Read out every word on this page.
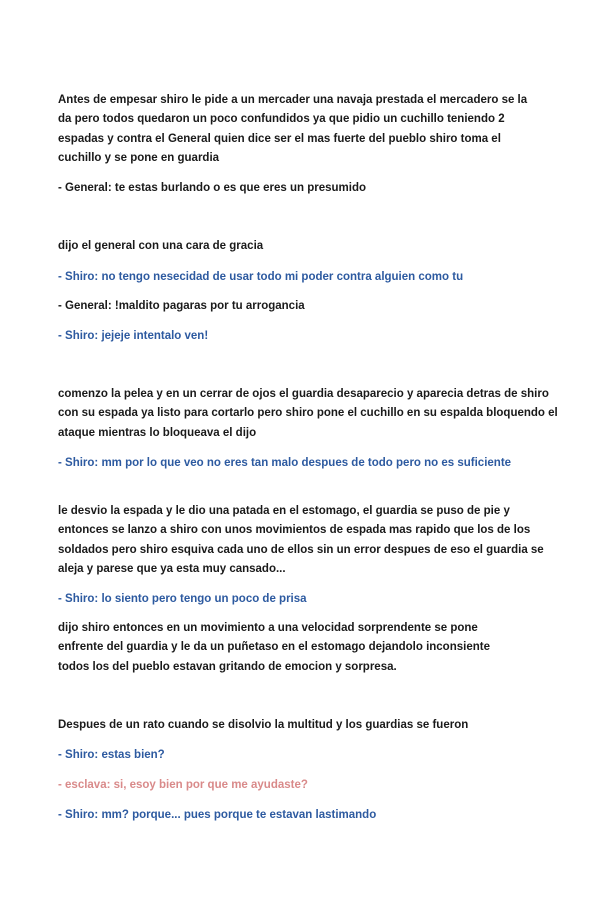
Antes de empesar shiro le pide a un mercader una navaja prestada el mercadero se la da pero todos quedaron un poco confundidos ya que pidio un cuchillo teniendo 2 espadas y contra el General quien dice ser el mas fuerte del pueblo shiro toma el cuchillo y se pone en guardia

- General: te estas burlando o es que eres un presumido

dijo el general con una cara de gracia

- Shiro: no tengo nesecidad de usar todo mi poder contra alguien como tu

- General: !maldito pagaras por tu arrogancia

- Shiro: jejeje intentalo ven!

comenzo la pelea y en un cerrar de ojos el guardia desaparecio y aparecia detras de shiro con su espada ya listo para cortarlo pero shiro pone el cuchillo en su espalda bloquendo el ataque mientras lo bloqueava el dijo

- Shiro: mm por lo que veo no eres tan malo despues de todo pero no es suficiente

le desvio la espada y le dio una patada en el estomago, el guardia se puso de pie y entonces se lanzo a shiro con unos movimientos de espada mas rapido que los de los soldados pero shiro esquiva cada uno de ellos sin un error despues de eso el guardia se aleja y parese que ya esta muy cansado...

- Shiro: lo siento pero tengo un poco de prisa

dijo shiro entonces en un movimiento a una velocidad sorprendente se pone enfrente del guardia y le da un puñetaso en el estomago dejandolo inconsiente todos los del pueblo estavan gritando de emocion y sorpresa.

Despues de un rato cuando se disolvio la multitud y los guardias se fueron

- Shiro: estas bien?

- esclava: si, esoy bien por que me ayudaste?

- Shiro: mm? porque... pues porque te estavan lastimando
